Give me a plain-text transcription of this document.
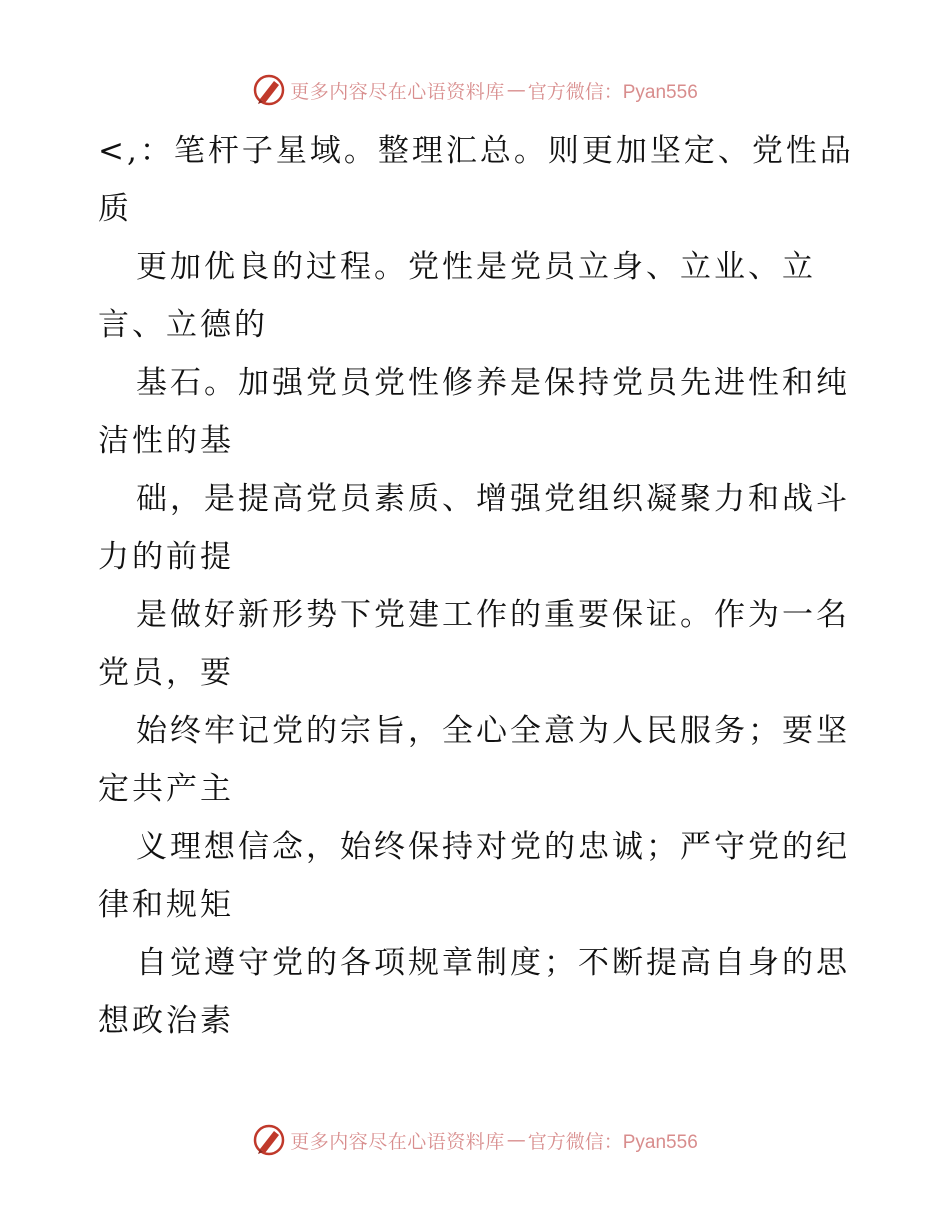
更多内容尽在心语资料库 — 官方微信：Pyan556
<,：笔杆子星域。整理汇总。则更加坚定、党性品
质
更加优良的过程。党性是党员立身、立业、立
言、立德的
基石。加强党员党性修养是保持党员先进性和纯
洁性的基
础，是提高党员素质、增强党组织凝聚力和战斗
力的前提
是做好新形势下党建工作的重要保证。作为一名
党员，要
始终牢记党的宗旨，全心全意为人民服务；要坚
定共产主
义理想信念，始终保持对党的忠诚；严守党的纪
律和规矩
自觉遵守党的各项规章制度；不断提高自身的思
想政治素
更多内容尽在心语资料库 — 官方微信：Pyan556
